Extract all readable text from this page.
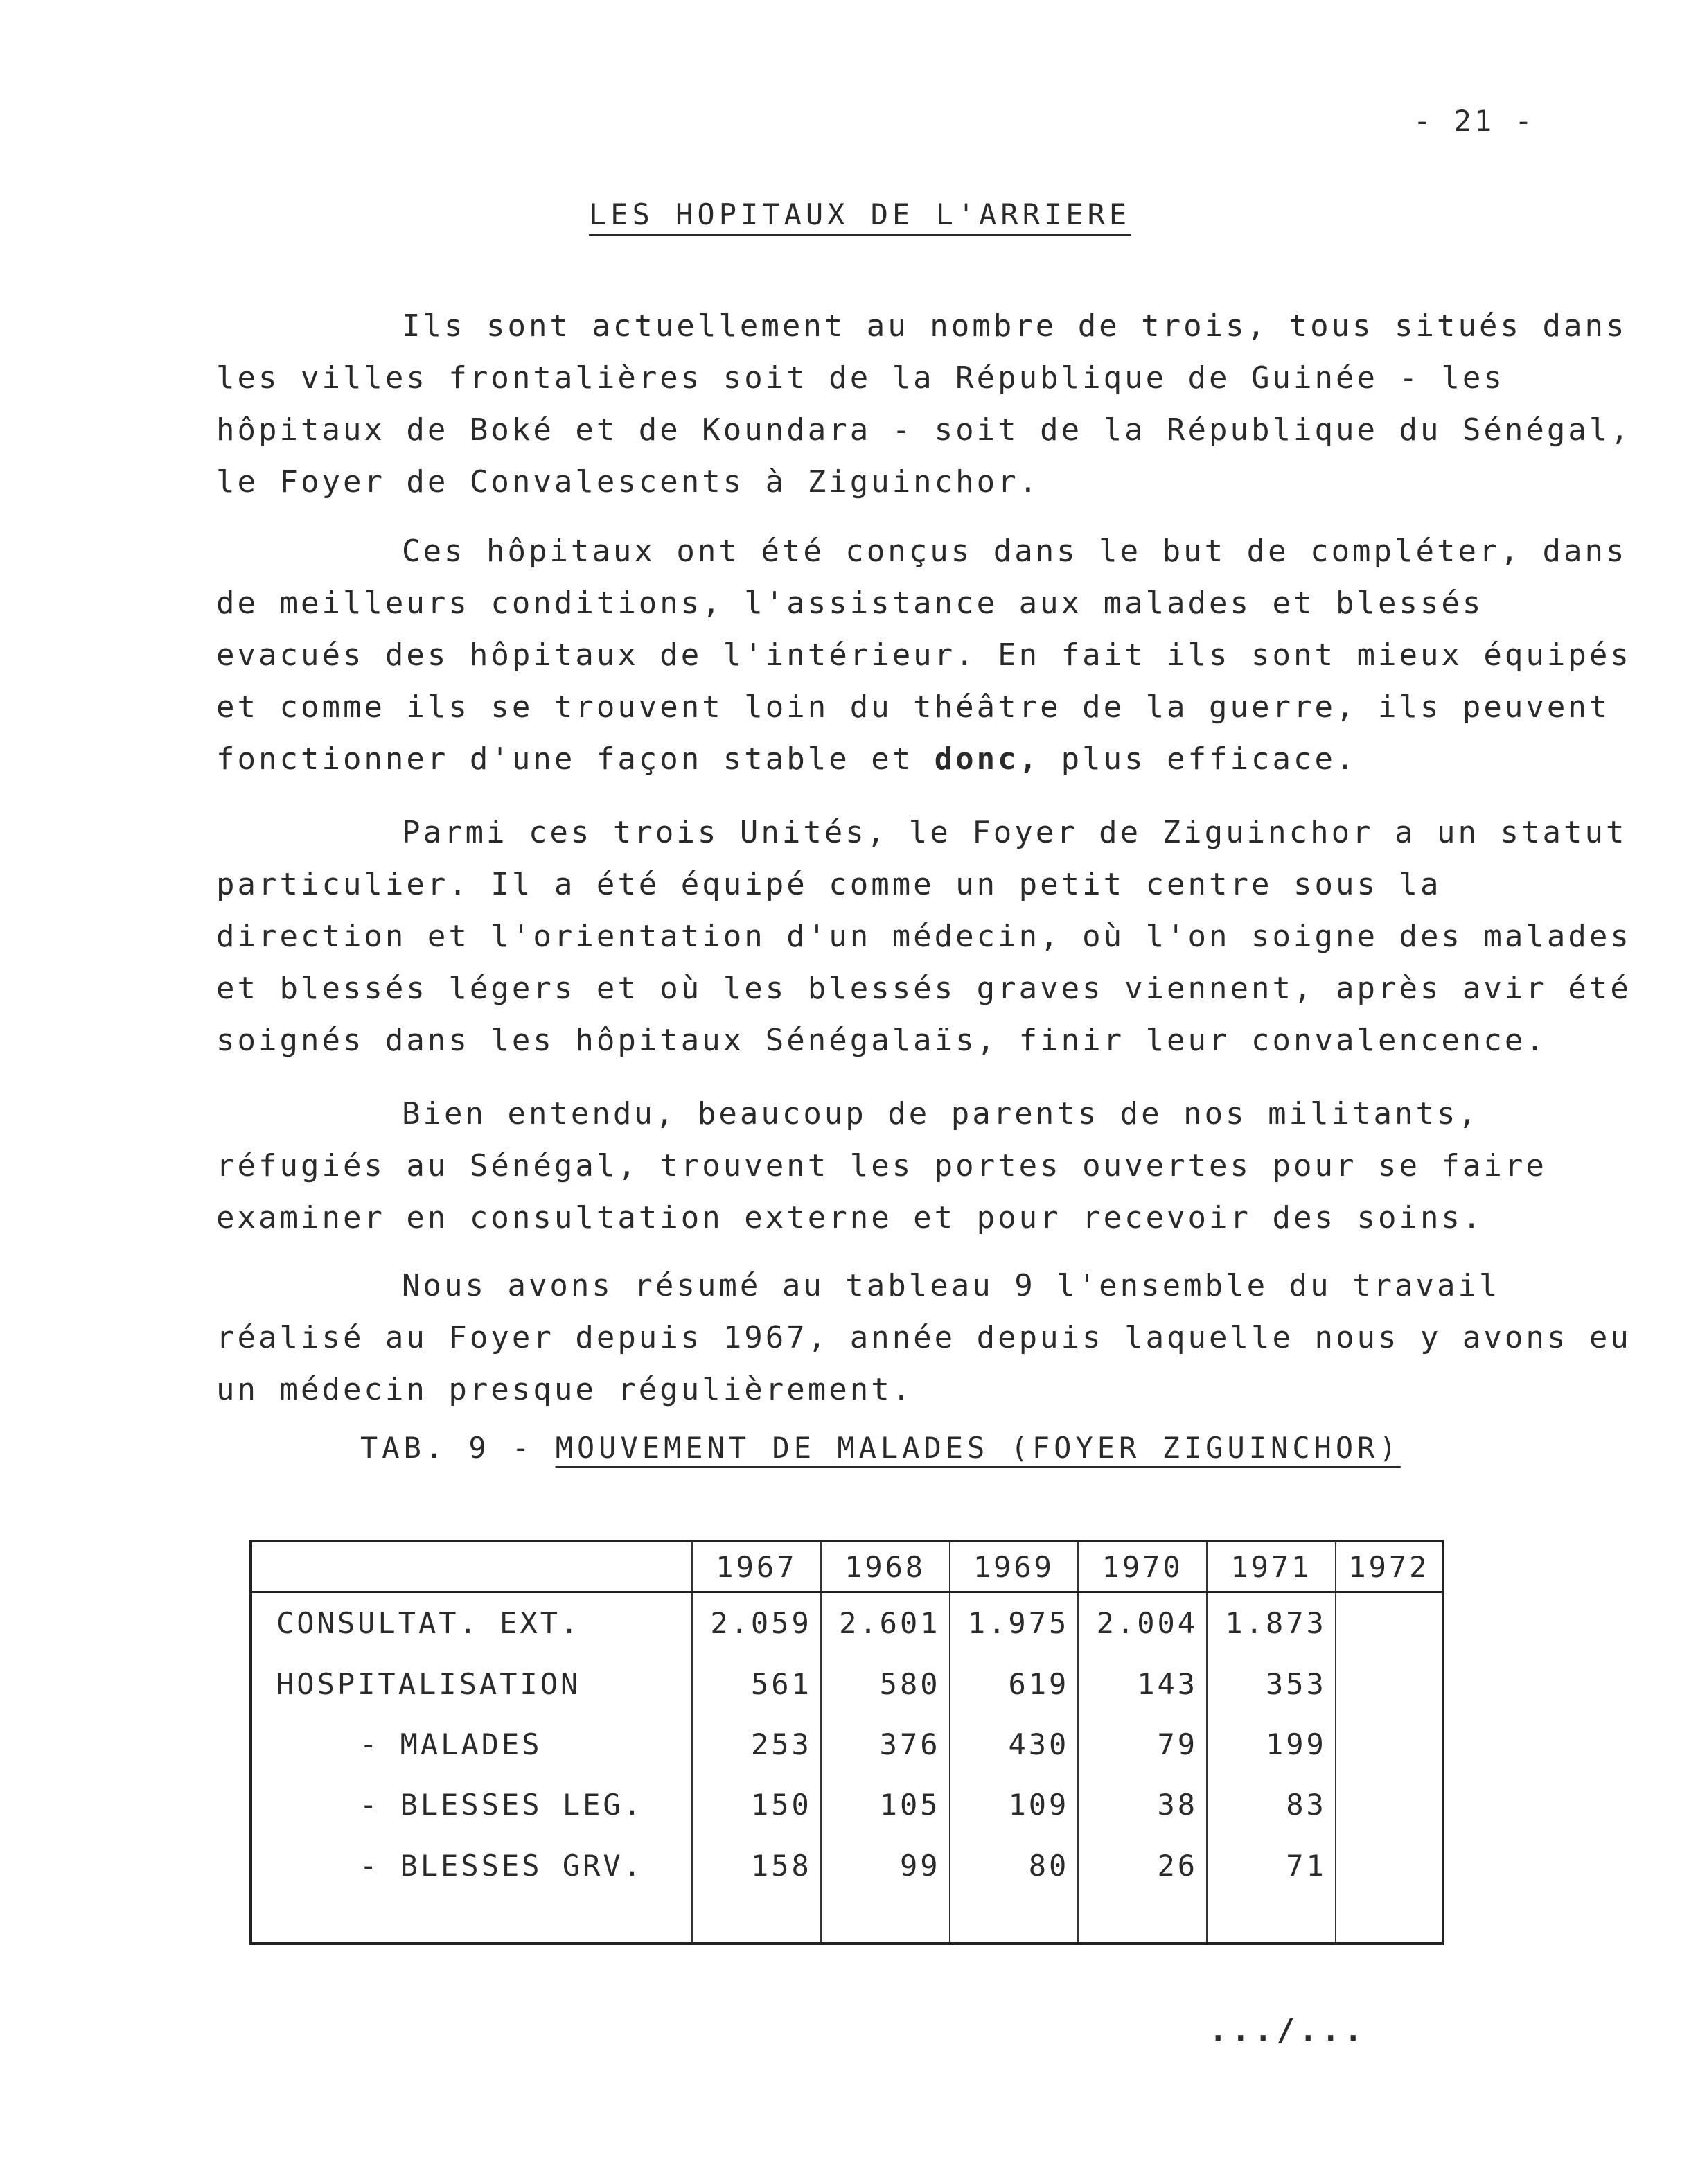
- 21 -
LES HOPITAUX DE L'ARRIERE

Ils sont actuellement au nombre de trois, tous situés dans les villes frontalières soit de la République de Guinée - les hôpitaux de Boké et de Koundara - soit de la République du Sénégal, le Foyer de Convalescents à Ziguinchor.

Ces hôpitaux ont été conçus dans le but de compléter, dans de meilleurs conditions, l'assistance aux malades et blessés evacués des hôpitaux de l'intérieur. En fait ils sont mieux équipés et comme ils se trouvent loin du théâtre de la guerre, ils peuvent fonctionner d'une façon stable et donc, plus efficace.

Parmi ces trois Unités, le Foyer de Ziguinchor a un statut particulier. Il a été équipé comme un petit centre sous la direction et l'orientation d'un médecin, où l'on soigne des malades et blessés légers et où les blessés graves viennent, après avir été soignés dans les hôpitaux Sénégalaïs, finir leur convalencence.

Bien entendu, beaucoup de parents de nos militants, réfugiés au Sénégal, trouvent les portes ouvertes pour se faire examiner en consultation externe et pour recevoir des soins.

Nous avons résumé au tableau 9 l'ensemble du travail réalisé au Foyer depuis 1967, année depuis laquelle nous y avons eu un médecin presque régulièrement.

TAB. 9 - MOUVEMENT DE MALADES (FOYER ZIGUINCHOR)
	1967	1968	1969	1970	1971	1972
CONSULTAT. EXT.	2.059	2.601	1.975	2.004	1.873	
HOSPITALISATION	561	580	619	143	353	
- MALADES	253	376	430	79	199	
- BLESSES LEG.	150	105	109	38	83	
- BLESSES GRV.	158	99	80	26	71	

.../...
